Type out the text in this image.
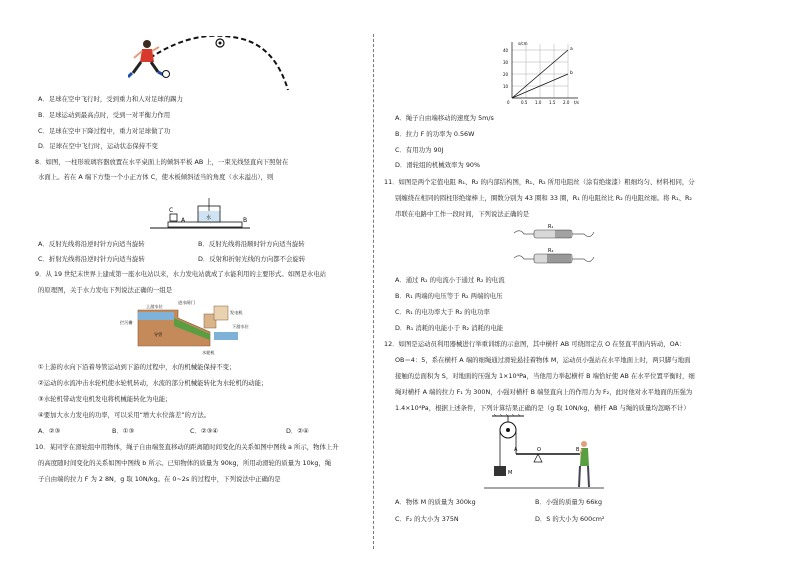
A．足球在空中飞行时，受到重力和人对足球的踢力
B．足球运动到最高点时，受到一对平衡力作用
C．足球在空中下降过程中，重力对足球做了功
D．足球在空中飞行时，运动状态保持不变
8．如图，一柱形玻璃容器放置在水平桌面上的倾斜平板 AB 上，一束光线竖直向下照射在
水面上。若在 A 端下方垫一个小正方体 C，使木板倾斜适当的角度（水未溢出），则
C
A	B
水
A．反射光线将沿逆时针方向适当旋转	B．反射光线将沿顺时针方向适当旋转
C．折射光线将沿逆时针方向适当旋转	D．反射和折射光线的方向都不会旋转
9．从 19 世纪末世界上建成第一座水电站以来，水力发电站就成了水能利用的主要形式。如图是水电站
的原理图，关于水力发电下列说法正确的一组是
上游水位
进水闸门
拦污栅
发电机
导管
水轮机
下游水位
①上游的水向下沿着导管运动到下游的过程中，水的机械能保持不变；
②运动的水流冲击水轮机使水轮机转动，水流的部分机械能转化为水轮机的动能；
③水轮机带动发电机发电将机械能转化为电能；
④要加大水力发电的功率，可以采用“增大水位落差”的方法。
A．②③	B．①③	C．②③④	D．②④
10．某同学在滑轮组中用物体，绳子自由端竖直移动的距离随时间变化的关系如图中图线 a 所示，物体上升
的高度随时间变化的关系如图中图线 b 所示。已知物体的质量为 90kg，所用动滑轮的质量为 10kg，绳
子自由端的拉力 F 为 2 8N，g 取 10N/kg。在 0~2s 的过程中，下列说法中正确的是
s/cm
t/s
40
30
20
10
0	0.5 1.0 1.5 2.0
a
b
A．绳子自由端移动的速度为 5m/s
B．拉力 F 的功率为 0.56W
C．有用功为 90J
D．滑轮组的机械效率为 90%
11．如图是两个定值电阻 R₁、R₂ 的内部结构图，R₁、R₂ 所用电阻丝（涂有绝缘漆）粗细均匀、材料相同，分
别缠绕在相同的圆柱形绝缘棒上，圈数分别为 43 圈和 33 圈，R₁ 的电阻丝比 R₂ 的电阻丝细。将 R₁、R₂
串联在电路中工作一段时间，下列说法正确的是
R₁
R₂
A．通过 R₁ 的电流小于通过 R₂ 的电流
B．R₁ 两端的电压等于 R₂ 两端的电压
C．R₁ 的电功率大于 R₂ 的电功率
D．R₁ 消耗的电能小于 R₂ 消耗的电能
12．如图是运动员利用器械进行举重训练的示意图，其中横杆 AB 可绕固定点 O 在竖直平面内转动，OA：
OB＝4：5，系在横杆 A 端的细绳通过滑轮悬挂着物体 M，运动员小强站在水平地面上时，两只脚与地面
接触的总面积为 S，对地面的压强为 1×10⁴Pa，当他用力举起横杆 B 端恰好使 AB 在水平位置平衡时，细
绳对横杆 A 端的拉力 F₁ 为 300N，小强对横杆 B 端竖直向上的作用力为 F₂，此时他对水平地面的压强为
1.4×10⁴Pa，根据上述条件，下列计算结果正确的是（g 取 10N/kg，横杆 AB 与绳的质量均忽略不计）
M
A	O	B
A．物体 M 的质量为 300kg	B．小强的质量为 66kg
C．F₂ 的大小为 375N	D．S 的大小为 600cm²
